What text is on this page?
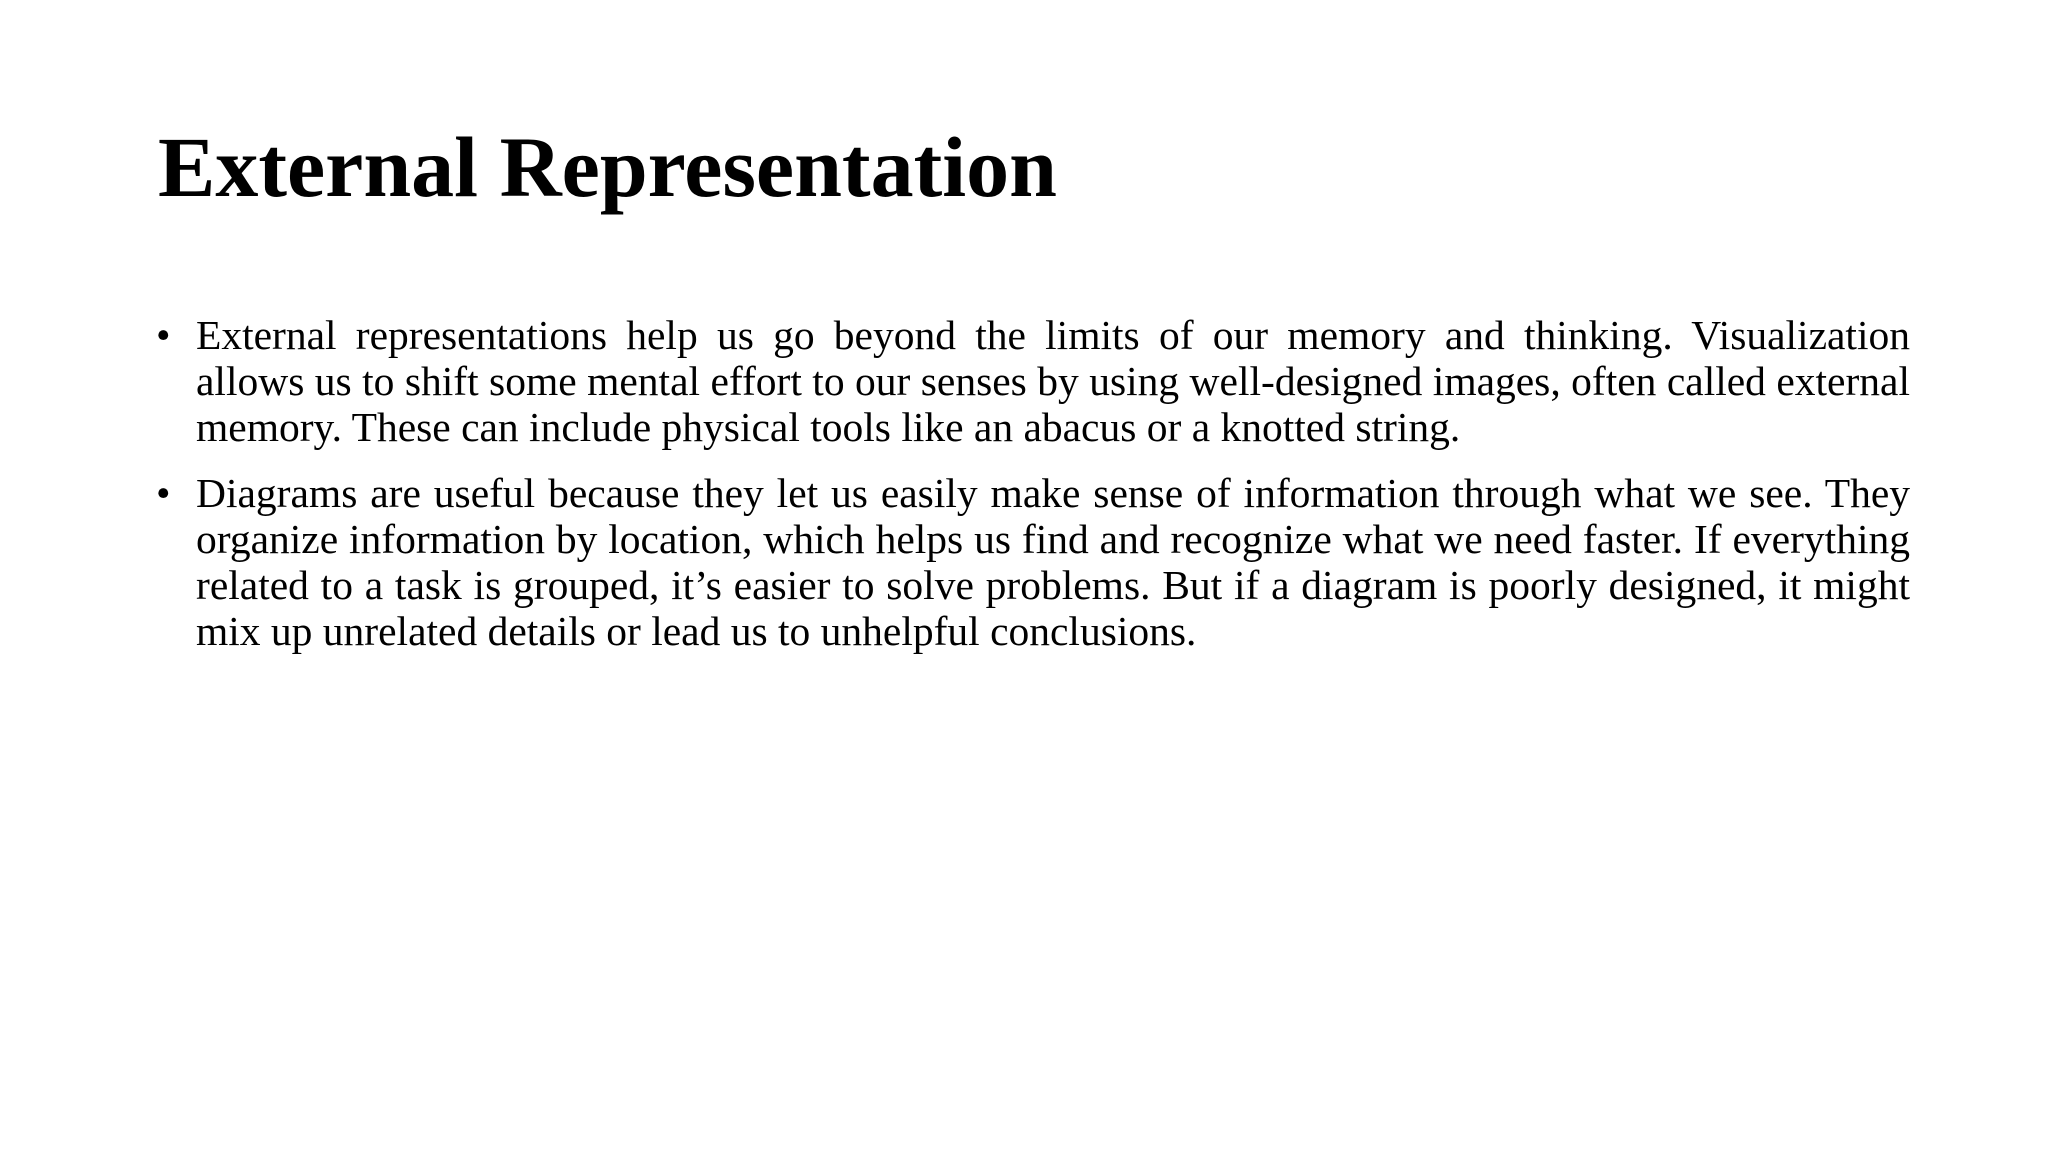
External Representation
• External representations help us go beyond the limits of our memory and thinking. Visualization allows us to shift some mental effort to our senses by using well-designed images, often called external memory. These can include physical tools like an abacus or a knotted string.
• Diagrams are useful because they let us easily make sense of information through what we see. They organize information by location, which helps us find and recognize what we need faster. If everything related to a task is grouped, it’s easier to solve problems. But if a diagram is poorly designed, it might mix up unrelated details or lead us to unhelpful conclusions.
